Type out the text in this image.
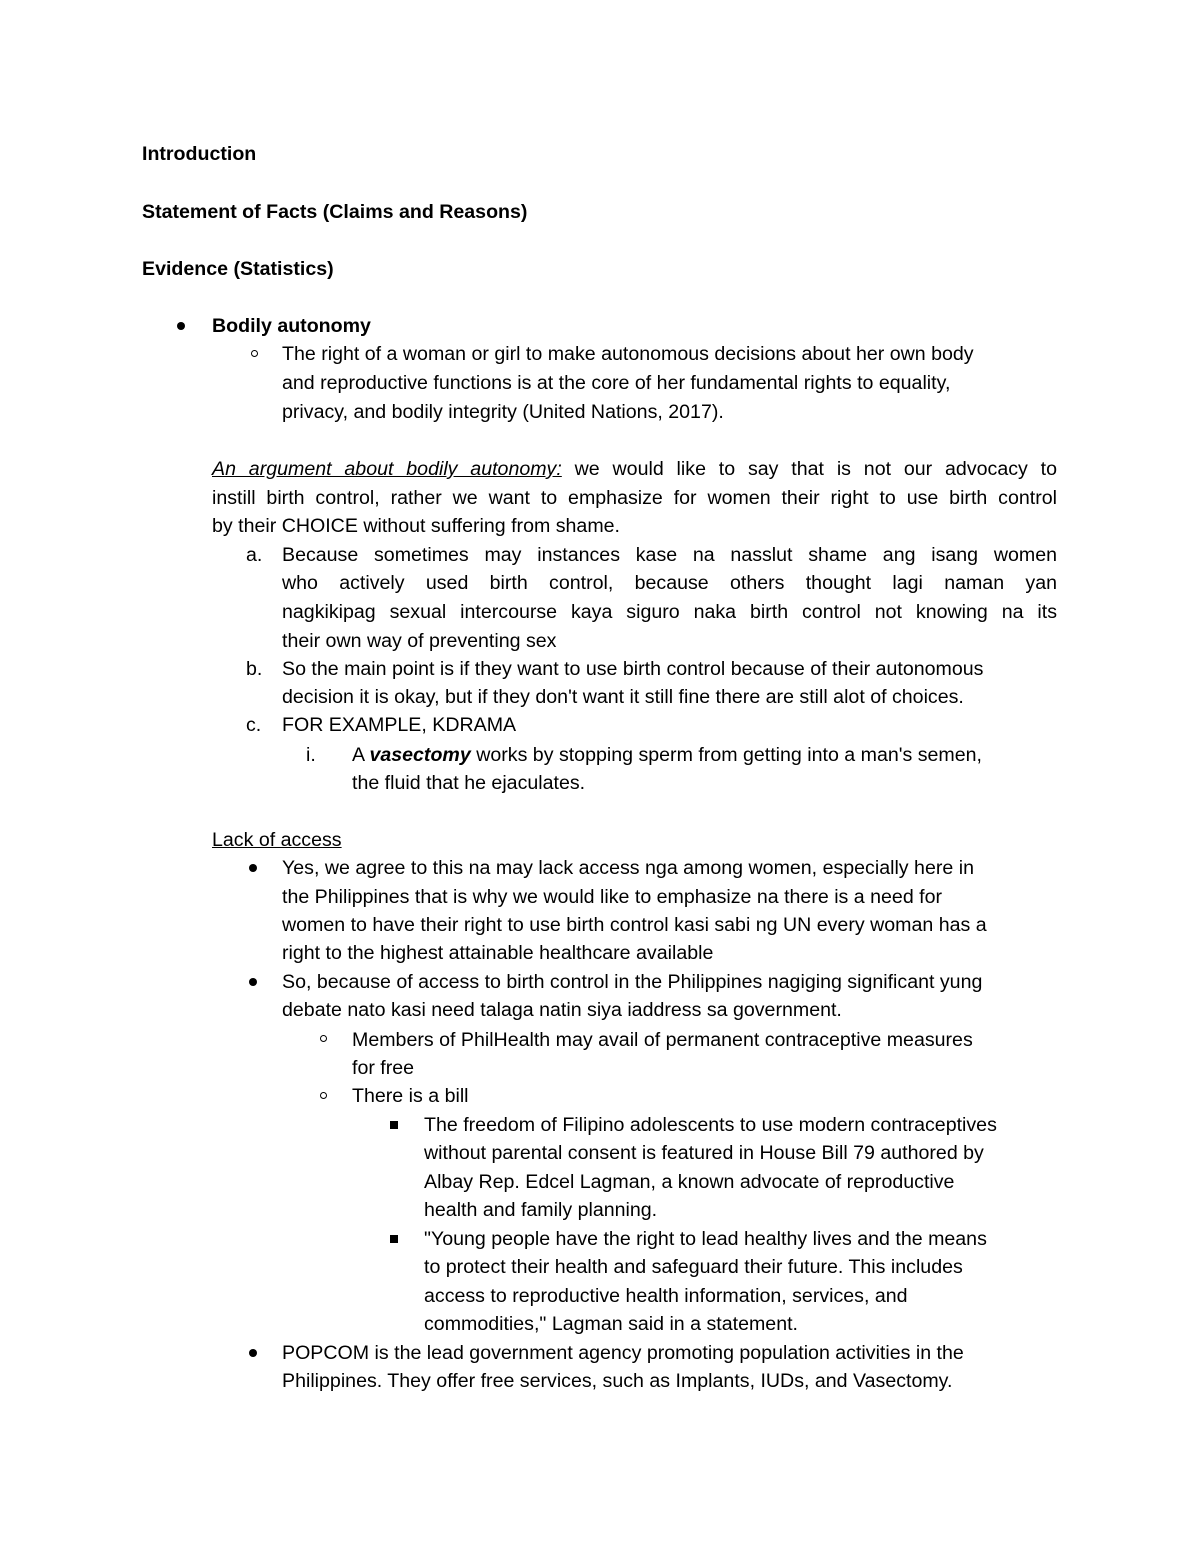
Introduction
Statement of Facts (Claims and Reasons)
Evidence (Statistics)
Bodily autonomy
The right of a woman or girl to make autonomous decisions about her own body
and reproductive functions is at the core of her fundamental rights to equality,
privacy, and bodily integrity (United Nations, 2017).
An argument about bodily autonomy: we would like to say that is not our advocacy to
instill birth control, rather we want to emphasize for women their right to use birth control
by their CHOICE without suffering from shame.
a. Because sometimes may instances kase na nasslut shame ang isang women
who actively used birth control, because others thought lagi naman yan
nagkikipag sexual intercourse kaya siguro naka birth control not knowing na its
their own way of preventing sex
b. So the main point is if they want to use birth control because of their autonomous
decision it is okay, but if they don't want it still fine there are still alot of choices.
c. FOR EXAMPLE, KDRAMA
i. A vasectomy works by stopping sperm from getting into a man's semen,
the fluid that he ejaculates.
Lack of access
Yes, we agree to this na may lack access nga among women, especially here in
the Philippines that is why we would like to emphasize na there is a need for
women to have their right to use birth control kasi sabi ng UN every woman has a
right to the highest attainable healthcare available
So, because of access to birth control in the Philippines nagiging significant yung
debate nato kasi need talaga natin siya iaddress sa government.
Members of PhilHealth may avail of permanent contraceptive measures
for free
There is a bill
The freedom of Filipino adolescents to use modern contraceptives
without parental consent is featured in House Bill 79 authored by
Albay Rep. Edcel Lagman, a known advocate of reproductive
health and family planning.
"Young people have the right to lead healthy lives and the means
to protect their health and safeguard their future. This includes
access to reproductive health information, services, and
commodities," Lagman said in a statement.
POPCOM is the lead government agency promoting population activities in the
Philippines. They offer free services, such as Implants, IUDs, and Vasectomy.
